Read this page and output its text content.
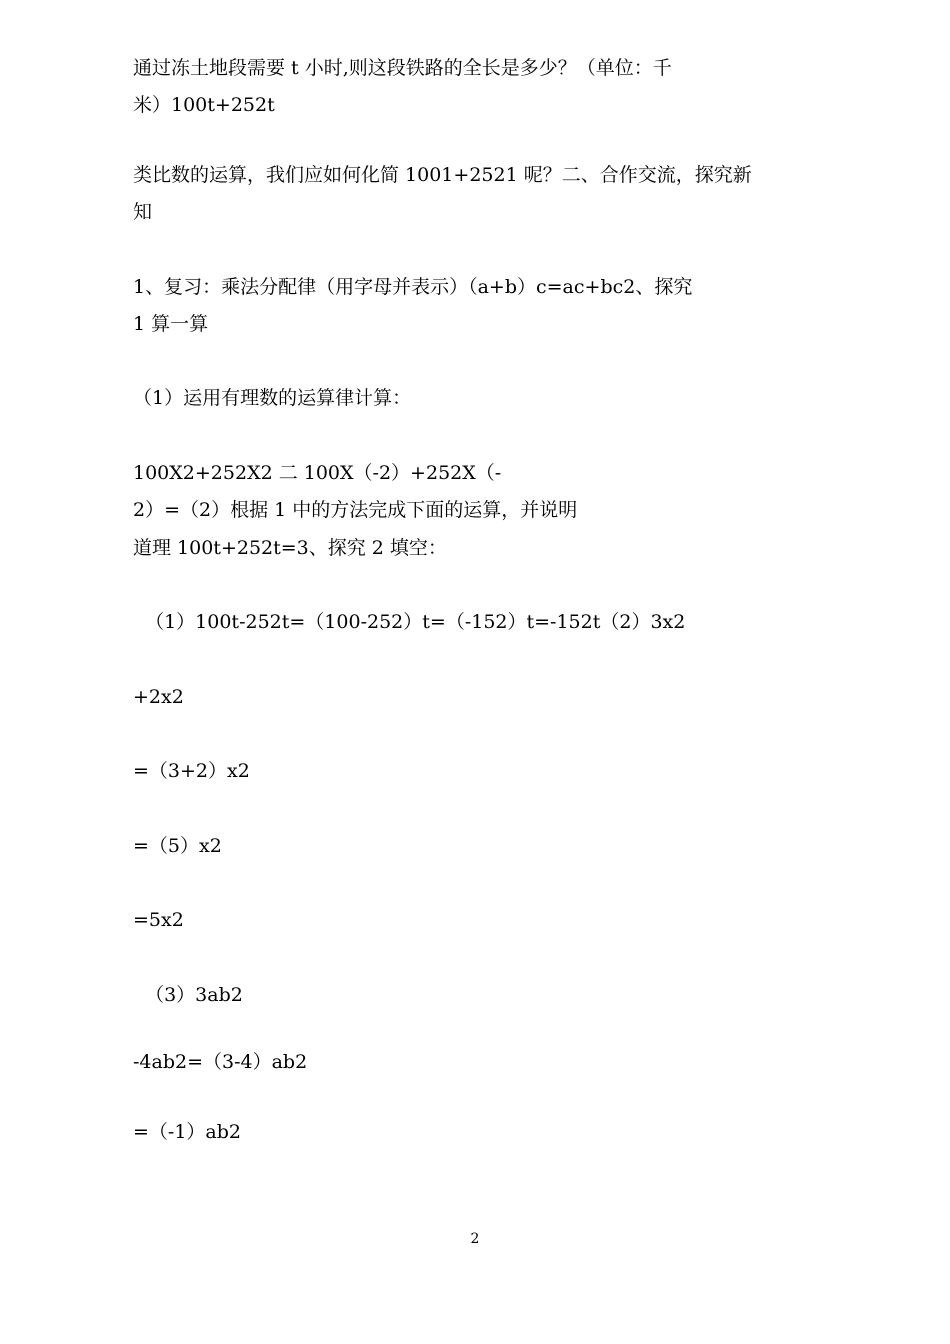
通过冻土地段需要 t 小时,则这段铁路的全长是多少？（单位：千
米）100t+252t
类比数的运算，我们应如何化简 1001+2521 呢？二、合作交流，探究新
知
1、复习：乘法分配律（用字母并表示）（a+b）c=ac+bc2、探究
1 算一算
（1）运用有理数的运算律计算：
100X2+252X2 二 100X（-2）+252X（-
2）=（2）根据 1 中的方法完成下面的运算，并说明
道理 100t+252t=3、探究 2 填空：
（1）100t-252t=（100-252）t=（-152）t=-152t（2）3x2
+2x2
=（3+2）x2
=（5）x2
=5x2
（3）3ab2
-4ab2=（3-4）ab2
=（-1）ab2
2
